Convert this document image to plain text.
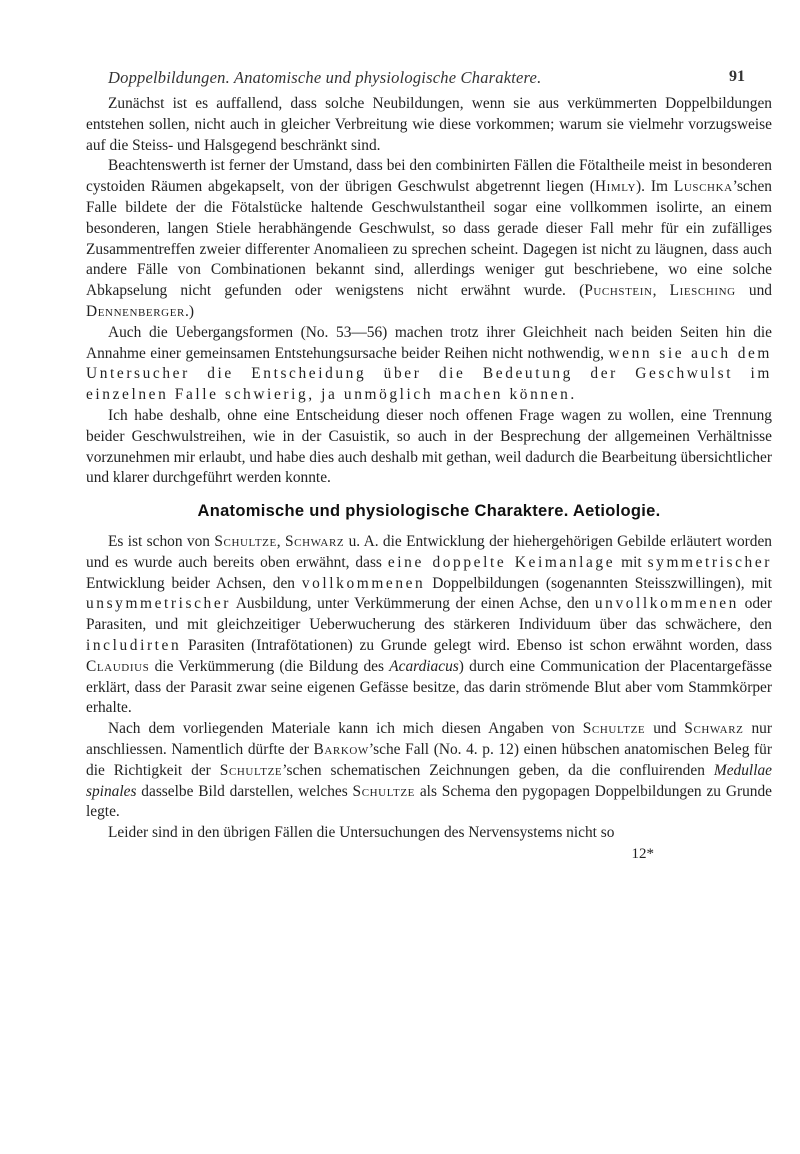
Doppelbildungen. Anatomische und physiologische Charaktere.	91

Zunächst ist es auffallend, dass solche Neubildungen, wenn sie aus verkümmerten Doppelbildungen entstehen sollen, nicht auch in gleicher Verbreitung wie diese vorkommen; warum sie vielmehr vorzugsweise auf die Steiss- und Halsgegend beschränkt sind.

Beachtenswerth ist ferner der Umstand, dass bei den combinirten Fällen die Fötaltheile meist in besonderen cystoiden Räumen abgekapselt, von der übrigen Geschwulst abgetrennt liegen (Himly). Im Luschka’schen Falle bildete der die Fötalstücke haltende Geschwulstantheil sogar eine vollkommen isolirte, an einem besonderen, langen Stiele herabhängende Geschwulst, so dass gerade dieser Fall mehr für ein zufälliges Zusammentreffen zweier differenter Anomalieen zu sprechen scheint. Dagegen ist nicht zu läugnen, dass auch andere Fälle von Combinationen bekannt sind, allerdings weniger gut beschriebene, wo eine solche Abkapselung nicht gefunden oder wenigstens nicht erwähnt wurde. (Puchstein, Liesching und Dennenberger.)

Auch die Uebergangsformen (No. 53—56) machen trotz ihrer Gleichheit nach beiden Seiten hin die Annahme einer gemeinsamen Entstehungsursache beider Reihen nicht nothwendig, wenn sie auch dem Untersucher die Entscheidung über die Bedeutung der Geschwulst im einzelnen Falle schwierig, ja unmöglich machen können.

Ich habe deshalb, ohne eine Entscheidung dieser noch offenen Frage wagen zu wollen, eine Trennung beider Geschwulstreihen, wie in der Casuistik, so auch in der Besprechung der allgemeinen Verhältnisse vorzunehmen mir erlaubt, und habe dies auch deshalb mit gethan, weil dadurch die Bearbeitung übersichtlicher und klarer durchgeführt werden konnte.

Anatomische und physiologische Charaktere. Aetiologie.

Es ist schon von Schultze, Schwarz u. A. die Entwicklung der hiehergehörigen Gebilde erläutert worden und es wurde auch bereits oben erwähnt, dass eine doppelte Keimanlage mit symmetrischer Entwicklung beider Achsen, den vollkommenen Doppelbildungen (sogenannten Steisszwillingen), mit unsymmetrischer Ausbildung, unter Verkümmerung der einen Achse, den unvollkommenen oder Parasiten, und mit gleichzeitiger Ueberwucherung des stärkeren Individuum über das schwächere, den includirten Parasiten (Intrafötationen) zu Grunde gelegt wird. Ebenso ist schon erwähnt worden, dass Claudius die Verkümmerung (die Bildung des Acardiacus) durch eine Communication der Placentargefässe erklärt, dass der Parasit zwar seine eigenen Gefässe besitze, das darin strömende Blut aber vom Stammkörper erhalte.

Nach dem vorliegenden Materiale kann ich mich diesen Angaben von Schultze und Schwarz nur anschliessen. Namentlich dürfte der Barkow’sche Fall (No. 4. p. 12) einen hübschen anatomischen Beleg für die Richtigkeit der Schultze’schen schematischen Zeichnungen geben, da die confluirenden Medullae spinales dasselbe Bild darstellen, welches Schultze als Schema den pygopagen Doppelbildungen zu Grunde legte.

Leider sind in den übrigen Fällen die Untersuchungen des Nervensystems nicht so

12*
